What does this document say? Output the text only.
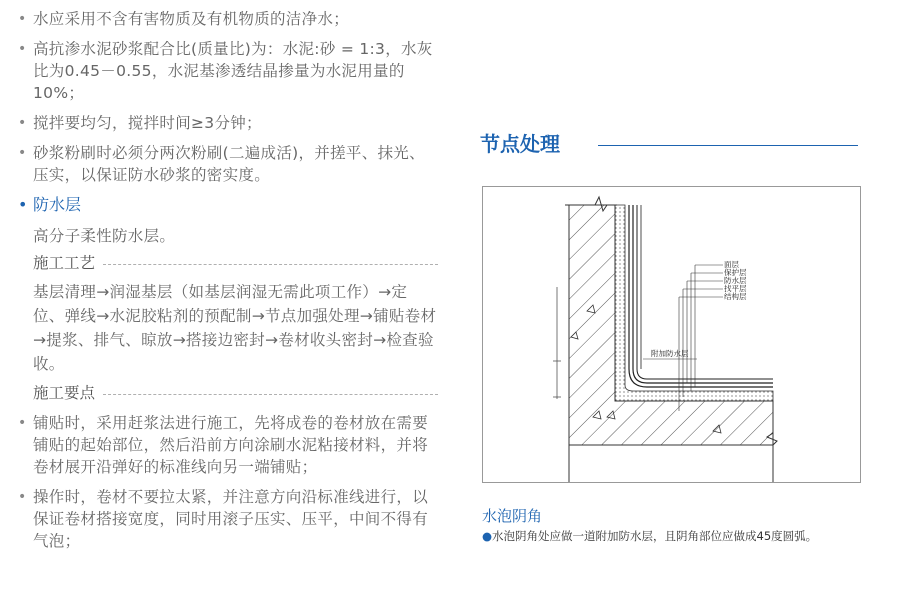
• 水应采用不含有害物质及有机物质的洁净水；
• 高抗渗水泥砂浆配合比(质量比)为：水泥:砂 = 1:3，水灰比为0.45－0.55，水泥基渗透结晶掺量为水泥用量的10%；
• 搅拌要均匀，搅拌时间≥3分钟；
• 砂浆粉刷时必须分两次粉刷(二遍成活)，并搓平、抹光、压实，以保证防水砂浆的密实度。
• 防水层
高分子柔性防水层。
施工工艺
基层清理→润湿基层（如基层润湿无需此项工作）→定位、弹线→水泥胶粘剂的预配制→节点加强处理→铺贴卷材→提浆、排气、晾放→搭接边密封→卷材收头密封→检查验收。
施工要点
• 铺贴时，采用赶浆法进行施工，先将成卷的卷材放在需要铺贴的起始部位，然后沿前方向涂刷水泥粘接材料，并将卷材展开沿弹好的标准线向另一端铺贴；
• 操作时，卷材不要拉太紧，并注意方向沿标准线进行，以保证卷材搭接宽度，同时用滚子压实、压平，中间不得有气泡；
节点处理
面层
保护层
防水层
找平层
结构层
附加防水层
水泡阴角
●水泡阴角处应做一道附加防水层，且阴角部位应做成45度圆弧。
